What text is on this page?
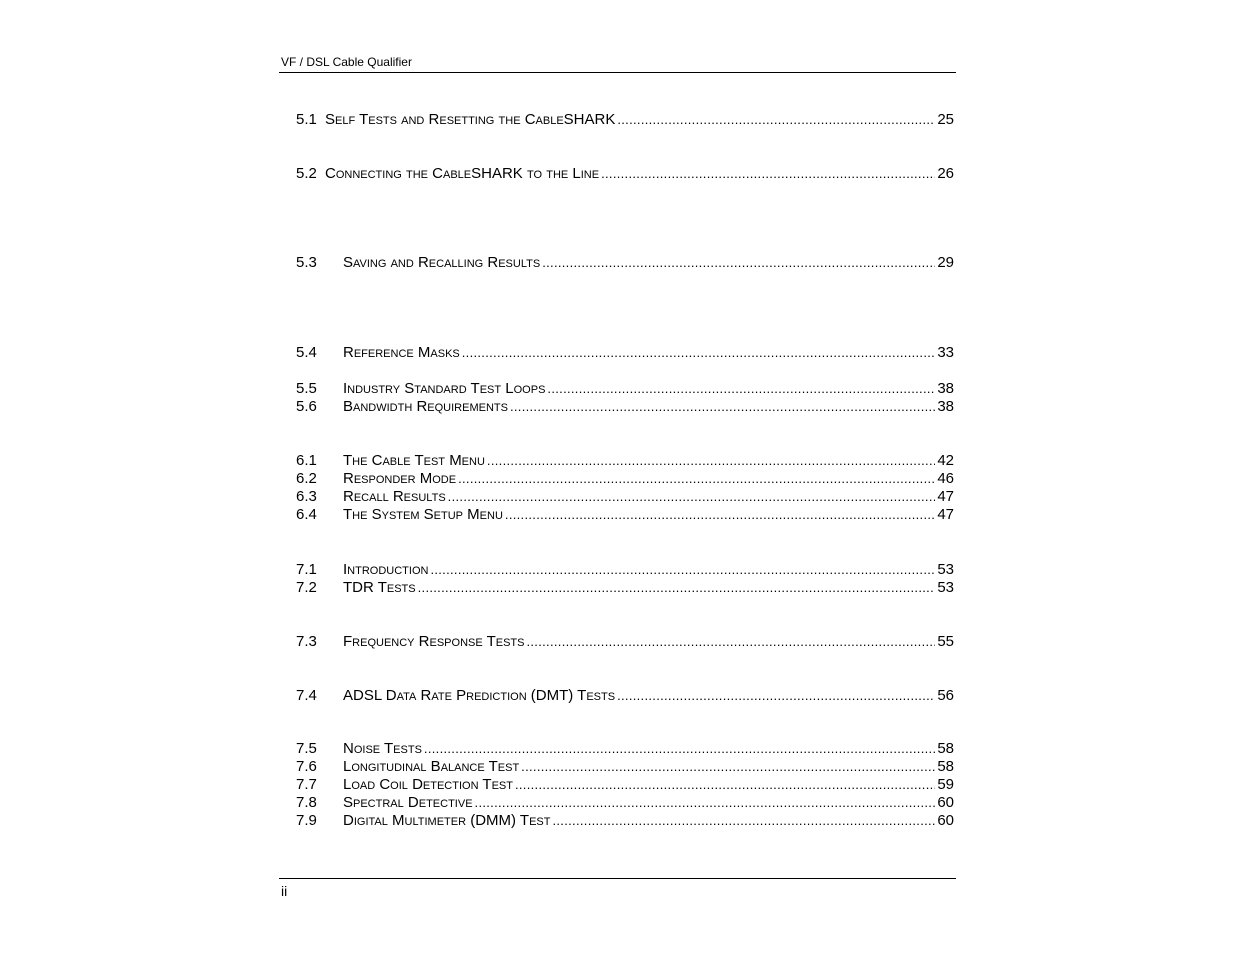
VF / DSL Cable Qualifier
5.1 Self Tests and Resetting the CableSHARK .....	25
5.2 Connecting the CableSHARK to the Line .....	26
5.3	Saving and Recalling Results .....	29
5.4	Reference Masks .....	33
5.5	Industry Standard Test Loops .....	38
5.6	Bandwidth Requirements .....	38
6.1	The Cable Test Menu .....	42
6.2	Responder Mode .....	46
6.3	Recall Results .....	47
6.4	The System Setup Menu .....	47
7.1	Introduction .....	53
7.2	TDR Tests .....	53
7.3	Frequency Response Tests .....	55
7.4	ADSL Data Rate Prediction (DMT) Tests .....	56
7.5	Noise Tests .....	58
7.6	Longitudinal Balance Test .....	58
7.7	Load Coil Detection Test .....	59
7.8	Spectral Detective .....	60
7.9	Digital Multimeter (DMM) Test .....	60
ii
